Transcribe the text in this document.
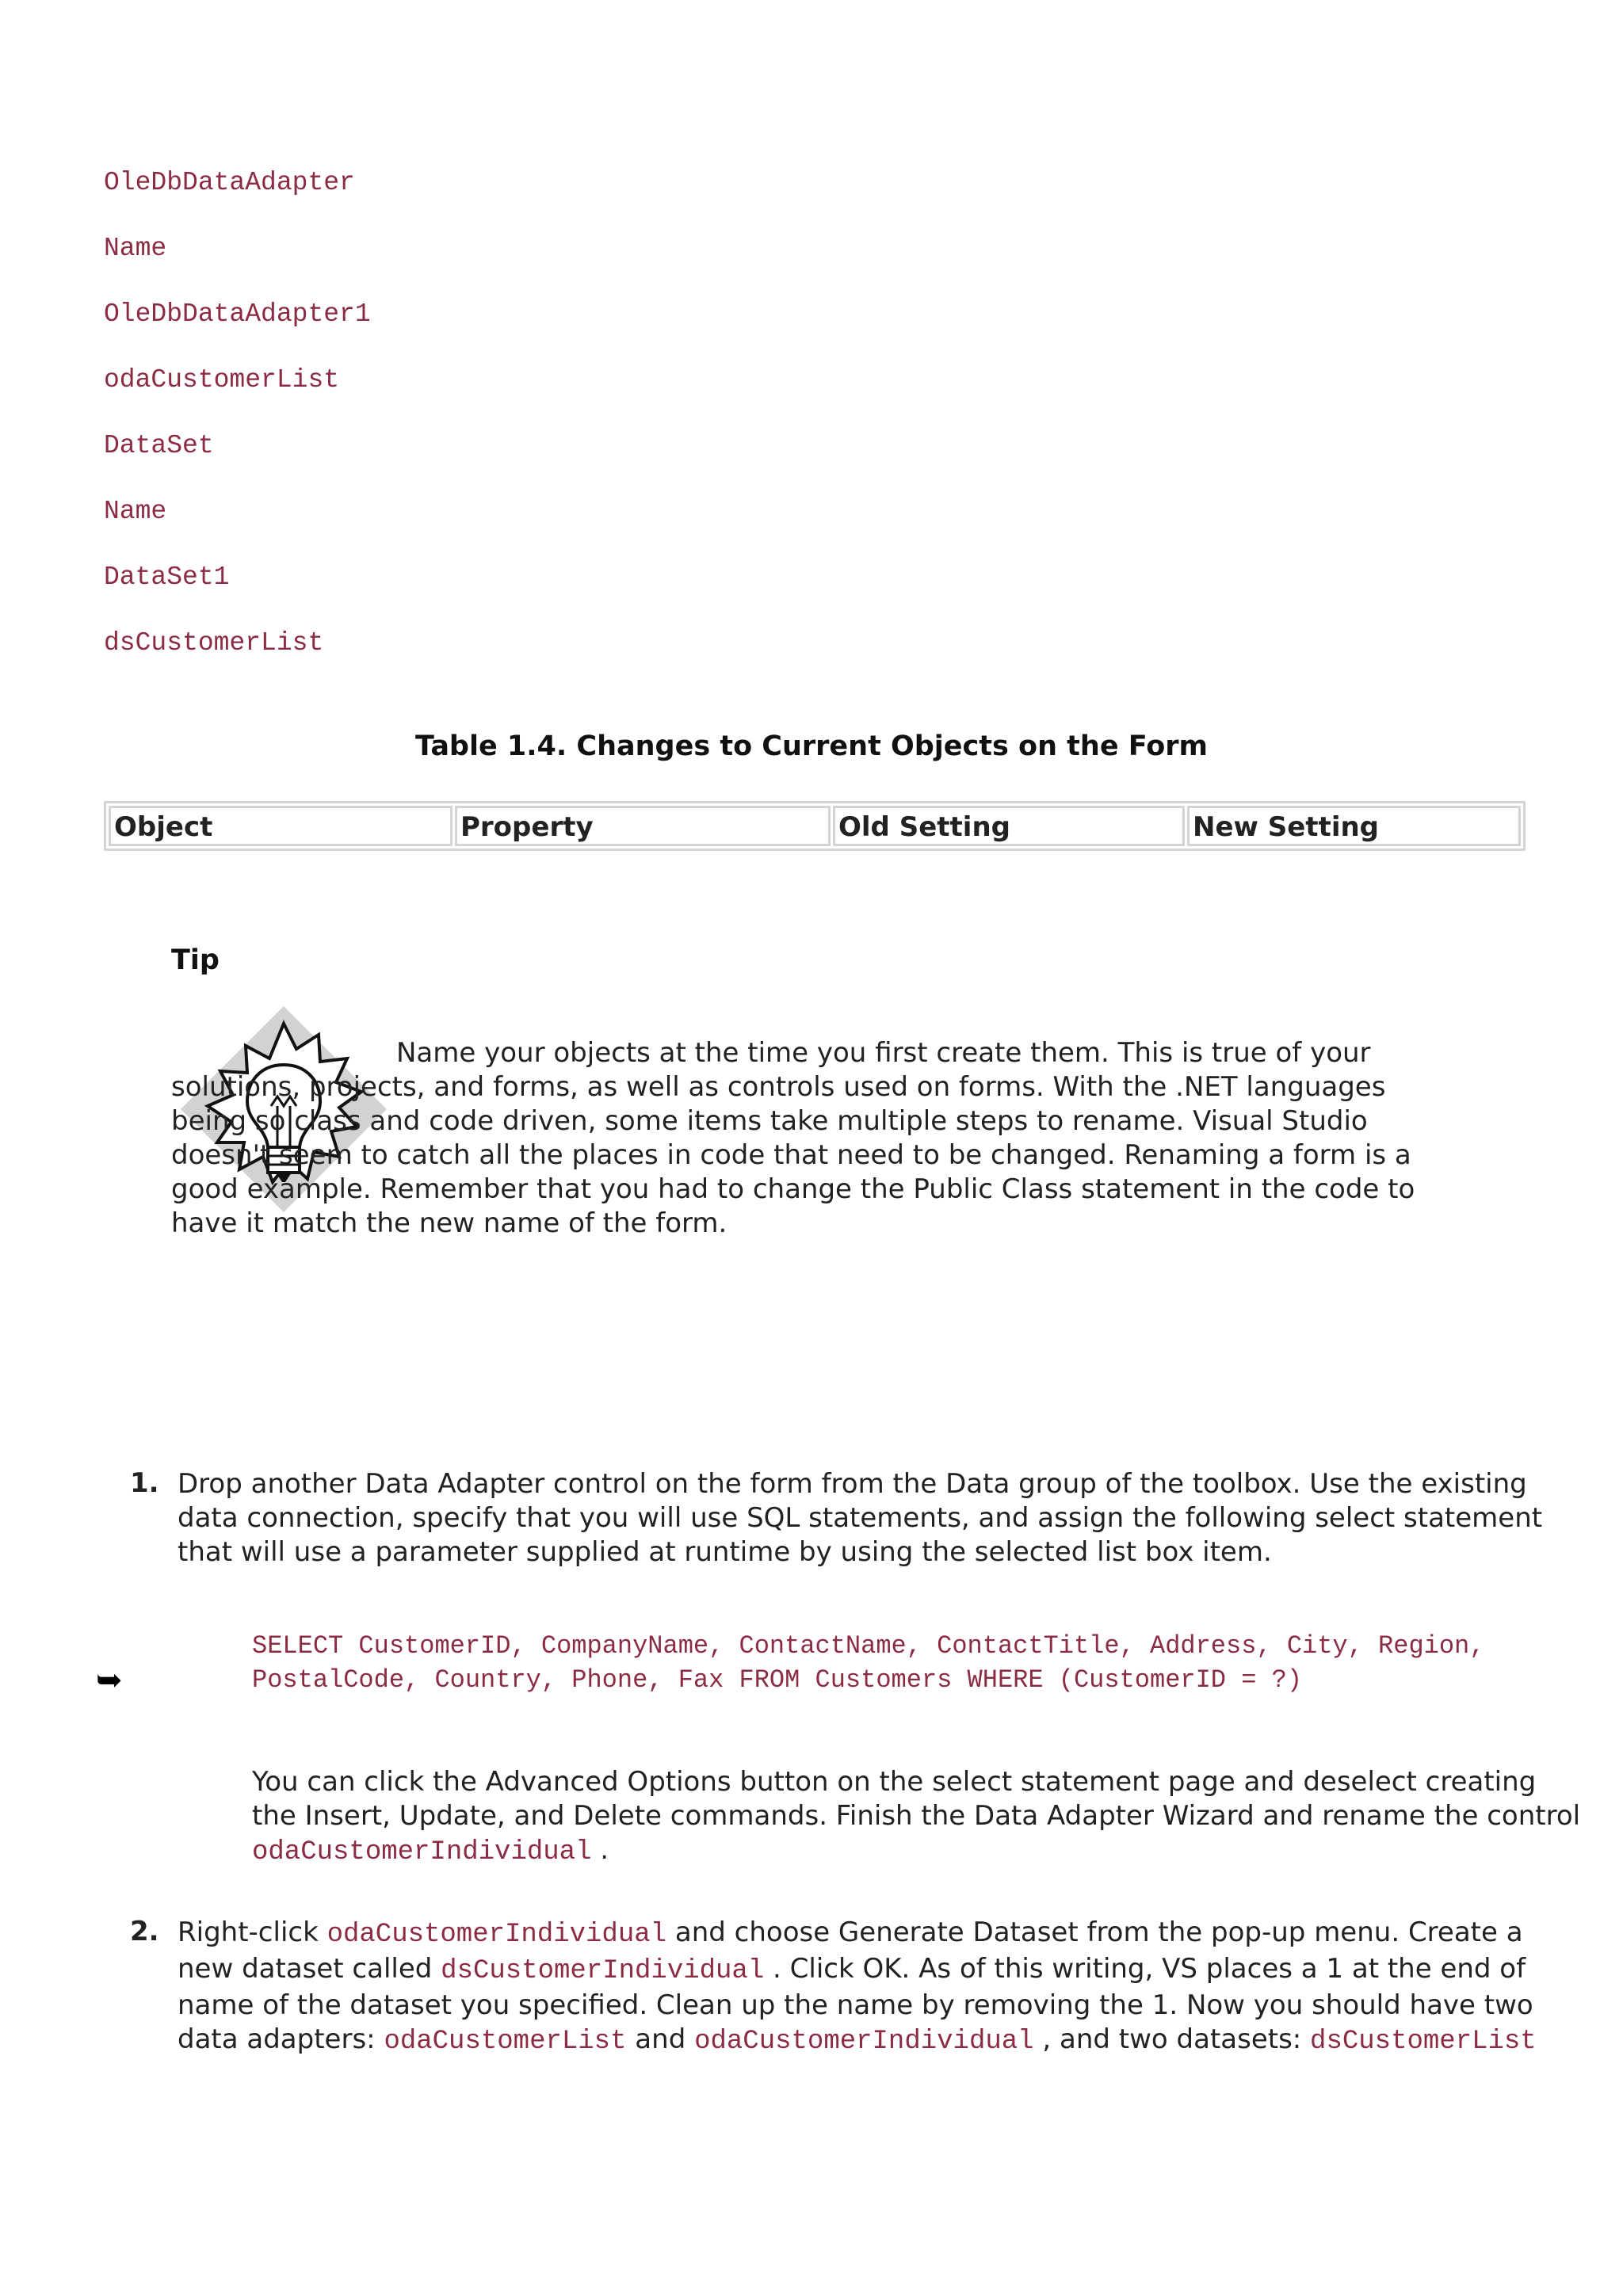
OleDbDataAdapter
Name
OleDbDataAdapter1
odaCustomerList
DataSet
Name
DataSet1
dsCustomerList
Table 1.4. Changes to Current Objects on the Form
Object	Property	Old Setting	New Setting
Tip
Name your objects at the time you first create them. This is true of your solutions, projects, and forms, as well as controls used on forms. With the .NET languages being so class and code driven, some items take multiple steps to rename. Visual Studio doesn't seem to catch all the places in code that need to be changed. Renaming a form is a good example. Remember that you had to change the Public Class statement in the code to have it match the new name of the form.
1. Drop another Data Adapter control on the form from the Data group of the toolbox. Use the existing data connection, specify that you will use SQL statements, and assign the following select statement that will use a parameter supplied at runtime by using the selected list box item.
➥
SELECT CustomerID, CompanyName, ContactName, ContactTitle, Address, City, Region,
PostalCode, Country, Phone, Fax FROM Customers WHERE (CustomerID = ?)
You can click the Advanced Options button on the select statement page and deselect creating the Insert, Update, and Delete commands. Finish the Data Adapter Wizard and rename the control odaCustomerIndividual .
2. Right-click odaCustomerIndividual and choose Generate Dataset from the pop-up menu. Create a new dataset called dsCustomerIndividual . Click OK. As of this writing, VS places a 1 at the end of name of the dataset you specified. Clean up the name by removing the 1. Now you should have two data adapters: odaCustomerList and odaCustomerIndividual , and two datasets: dsCustomerList
